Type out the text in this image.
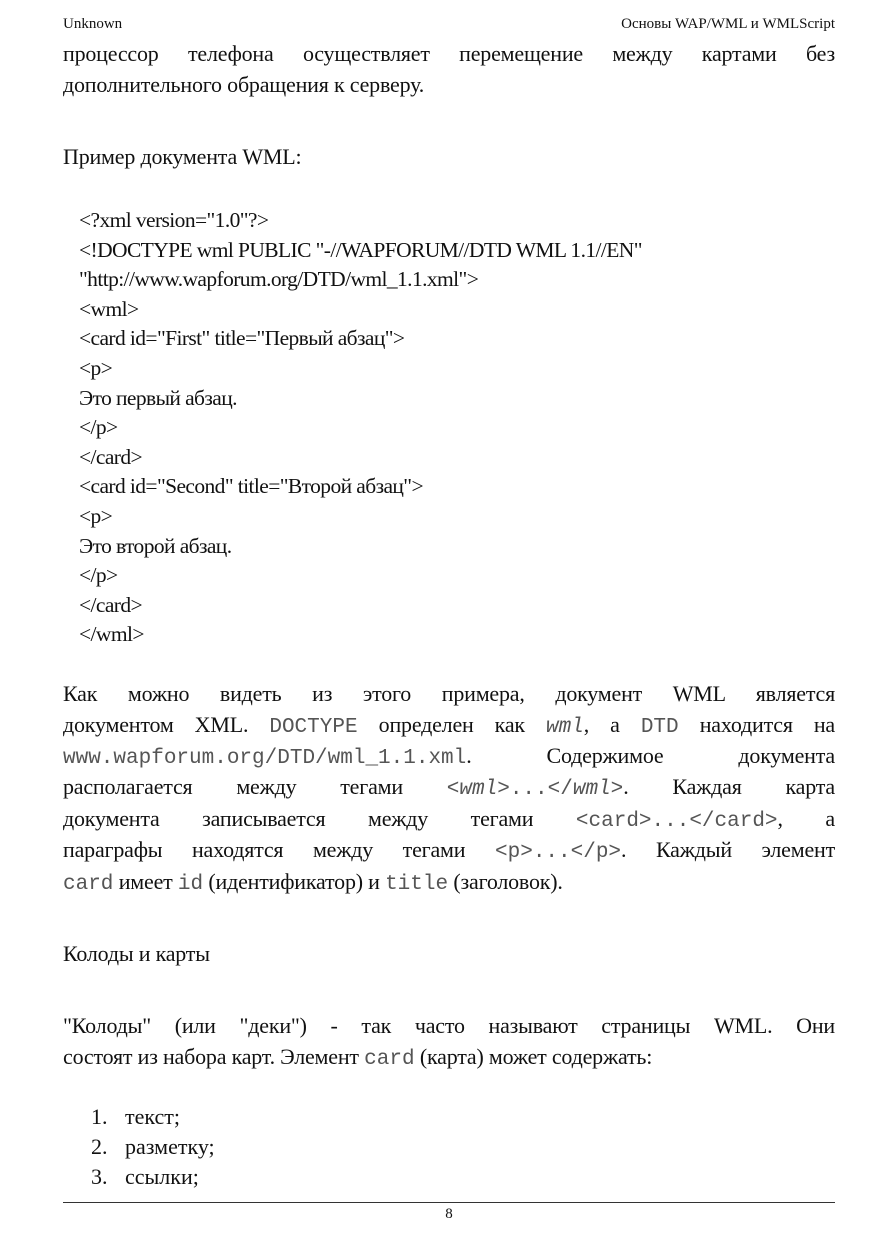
Unknown	Основы WAP/WML и WMLScript
процессор телефона осуществляет перемещение между картами без
дополнительного обращения к серверу.
Пример документа WML:
<?xml version="1.0"?>
<!DOCTYPE wml PUBLIC "-//WAPFORUM//DTD WML 1.1//EN"
"http://www.wapforum.org/DTD/wml_1.1.xml">
<wml>
<card id="First" title="Первый абзац">
<p>
Это первый абзац.
</p>
</card>
<card id="Second" title="Второй абзац">
<p>
Это второй абзац.
</p>
</card>
</wml>
Как можно видеть из этого примера, документ WML является
документом XML. DOCTYPE определен как wml, а DTD находится на
www.wapforum.org/DTD/wml_1.1.xml. Содержимое документа
располагается между тегами <wml>...</wml>. Каждая карта
документа записывается между тегами <card>...</card>, а
параграфы находятся между тегами <p>...</p>. Каждый элемент
card имеет id (идентификатор) и title (заголовок).
Колоды и карты
"Колоды" (или "деки") - так часто называют страницы WML. Они
состоят из набора карт. Элемент card (карта) может содержать:
1. текст;
2. разметку;
3. ссылки;
8
